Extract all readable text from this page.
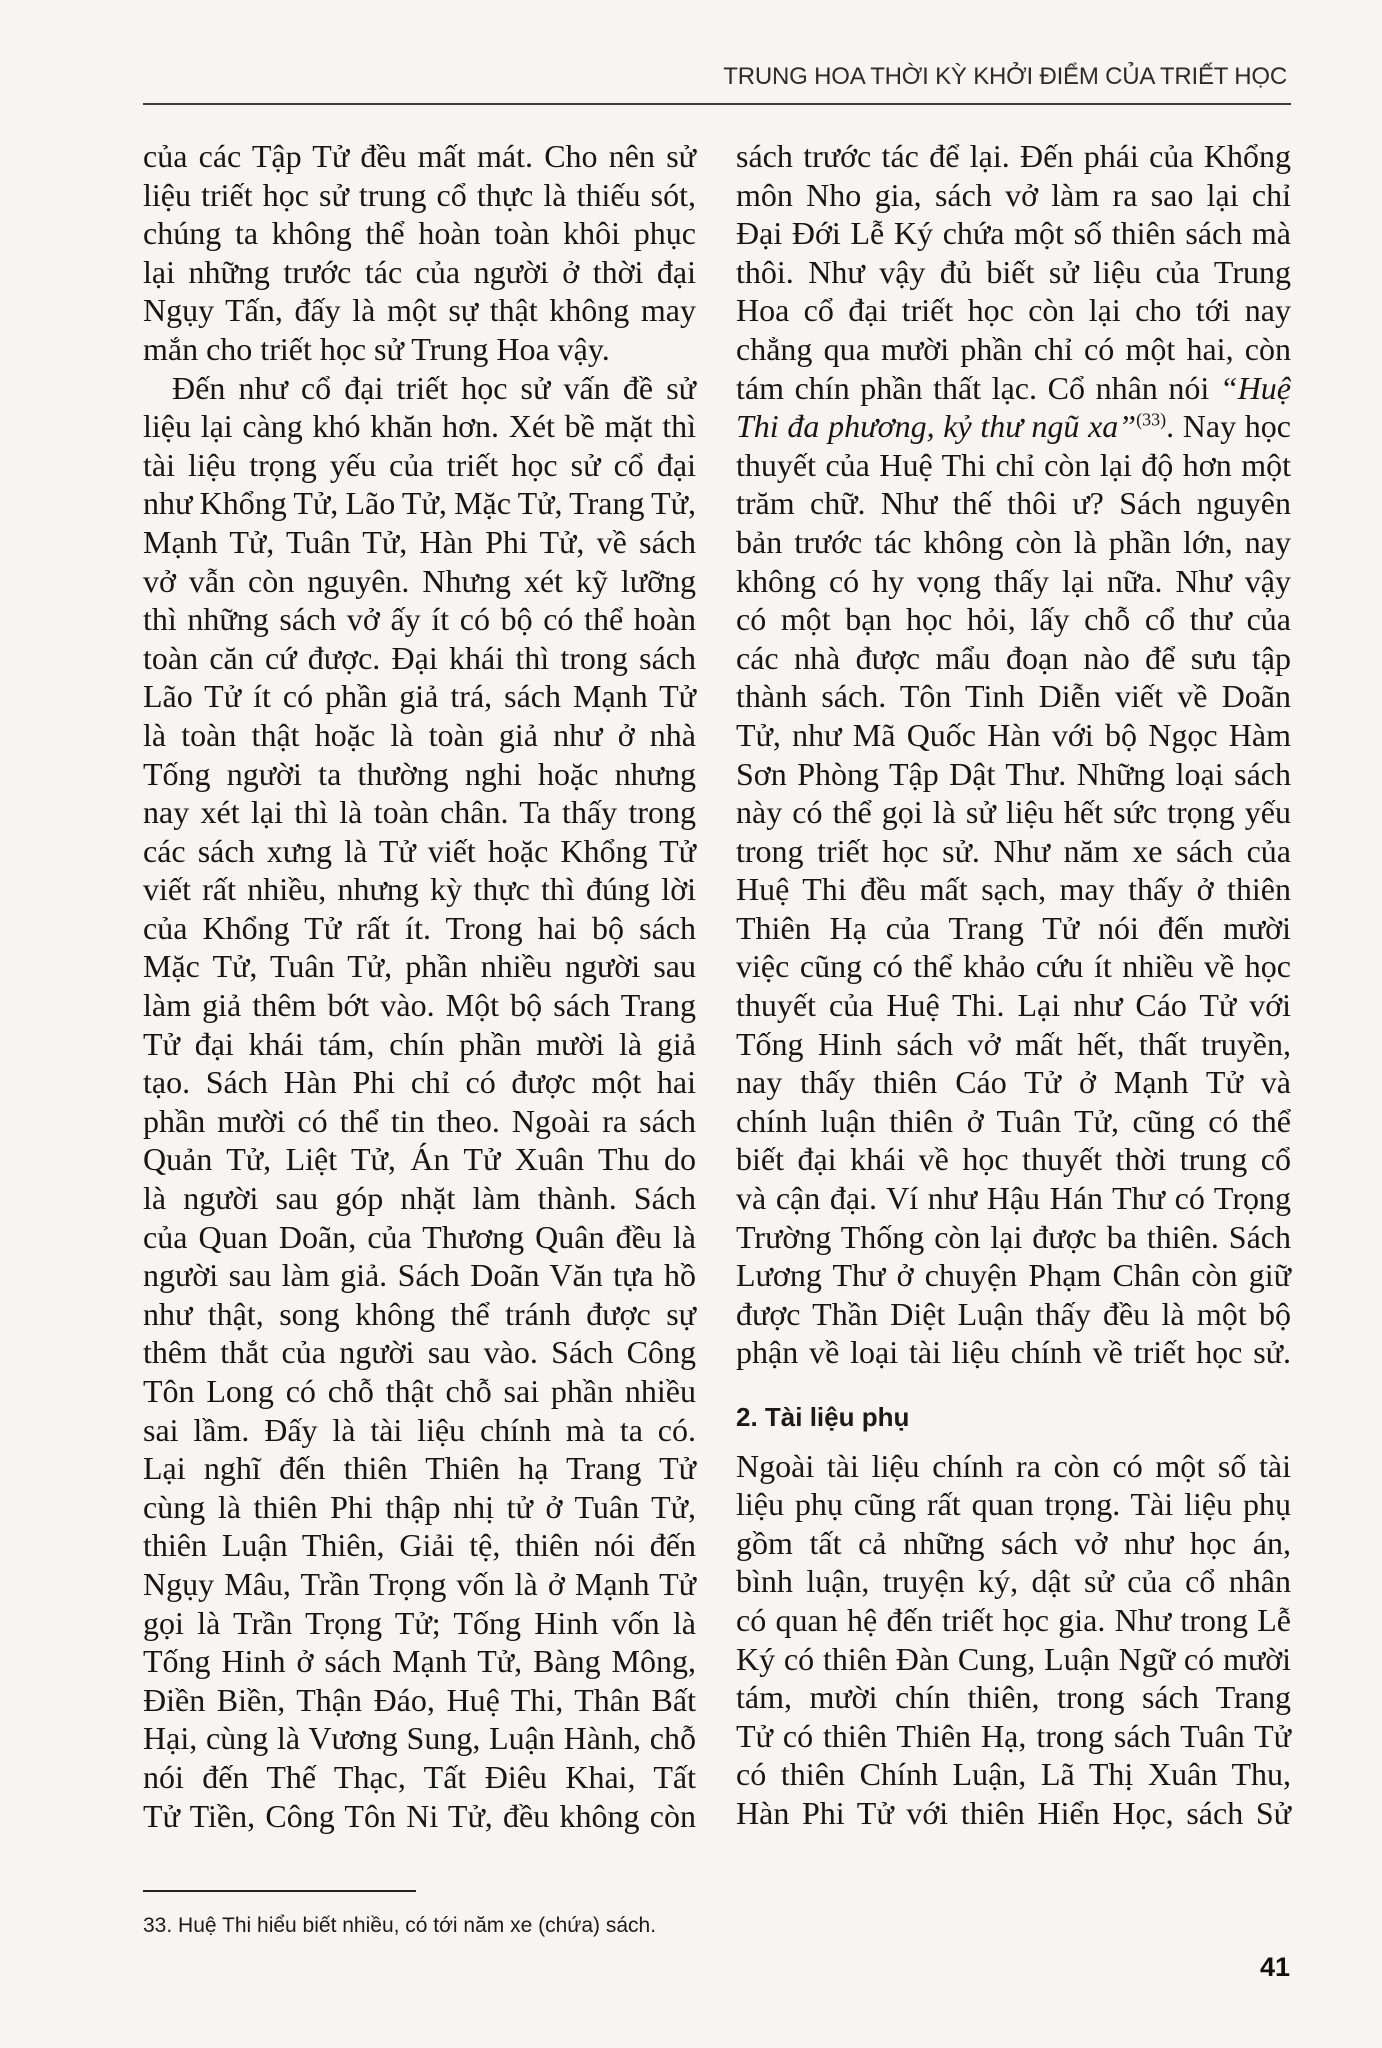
TRUNG HOA THỜI KỲ KHỞI ĐIỂM CỦA TRIẾT HỌC
của các Tập Tử đều mất mát. Cho nên sử
liệu triết học sử trung cổ thực là thiếu sót,
chúng ta không thể hoàn toàn khôi phục
lại những trước tác của người ở thời đại
Ngụy Tấn, đấy là một sự thật không may
mắn cho triết học sử Trung Hoa vậy.
Đến như cổ đại triết học sử vấn đề sử
liệu lại càng khó khăn hơn. Xét bề mặt thì
tài liệu trọng yếu của triết học sử cổ đại
như Khổng Tử, Lão Tử, Mặc Tử, Trang Tử,
Mạnh Tử, Tuân Tử, Hàn Phi Tử, về sách
vở vẫn còn nguyên. Nhưng xét kỹ lưỡng
thì những sách vở ấy ít có bộ có thể hoàn
toàn căn cứ được. Đại khái thì trong sách
Lão Tử ít có phần giả trá, sách Mạnh Tử
là toàn thật hoặc là toàn giả như ở nhà
Tống người ta thường nghi hoặc nhưng
nay xét lại thì là toàn chân. Ta thấy trong
các sách xưng là Tử viết hoặc Khổng Tử
viết rất nhiều, nhưng kỳ thực thì đúng lời
của Khổng Tử rất ít. Trong hai bộ sách
Mặc Tử, Tuân Tử, phần nhiều người sau
làm giả thêm bớt vào. Một bộ sách Trang
Tử đại khái tám, chín phần mười là giả
tạo. Sách Hàn Phi chỉ có được một hai
phần mười có thể tin theo. Ngoài ra sách
Quản Tử, Liệt Tử, Án Tử Xuân Thu do
là người sau góp nhặt làm thành. Sách
của Quan Doãn, của Thương Quân đều là
người sau làm giả. Sách Doãn Văn tựa hồ
như thật, song không thể tránh được sự
thêm thắt của người sau vào. Sách Công
Tôn Long có chỗ thật chỗ sai phần nhiều
sai lầm. Đấy là tài liệu chính mà ta có.
Lại nghĩ đến thiên Thiên hạ Trang Tử
cùng là thiên Phi thập nhị tử ở Tuân Tử,
thiên Luận Thiên, Giải tệ, thiên nói đến
Ngụy Mâu, Trần Trọng vốn là ở Mạnh Tử
gọi là Trần Trọng Tử; Tống Hinh vốn là
Tống Hinh ở sách Mạnh Tử, Bàng Mông,
Điền Biền, Thận Đáo, Huệ Thi, Thân Bất
Hại, cùng là Vương Sung, Luận Hành, chỗ
nói đến Thế Thạc, Tất Điêu Khai, Tất
Tử Tiền, Công Tôn Ni Tử, đều không còn
sách trước tác để lại. Đến phái của Khổng
môn Nho gia, sách vở làm ra sao lại chỉ
Đại Đới Lễ Ký chứa một số thiên sách mà
thôi. Như vậy đủ biết sử liệu của Trung
Hoa cổ đại triết học còn lại cho tới nay
chẳng qua mười phần chỉ có một hai, còn
tám chín phần thất lạc. Cổ nhân nói “Huệ
Thi đa phương, kỷ thư ngũ xa”$^{(33)}$. Nay học
thuyết của Huệ Thi chỉ còn lại độ hơn một
trăm chữ. Như thế thôi ư? Sách nguyên
bản trước tác không còn là phần lớn, nay
không có hy vọng thấy lại nữa. Như vậy
có một bạn học hỏi, lấy chỗ cổ thư của
các nhà được mẩu đoạn nào để sưu tập
thành sách. Tôn Tinh Diễn viết về Doãn
Tử, như Mã Quốc Hàn với bộ Ngọc Hàm
Sơn Phòng Tập Dật Thư. Những loại sách
này có thể gọi là sử liệu hết sức trọng yếu
trong triết học sử. Như năm xe sách của
Huệ Thi đều mất sạch, may thấy ở thiên
Thiên Hạ của Trang Tử nói đến mười
việc cũng có thể khảo cứu ít nhiều về học
thuyết của Huệ Thi. Lại như Cáo Tử với
Tống Hinh sách vở mất hết, thất truyền,
nay thấy thiên Cáo Tử ở Mạnh Tử và
chính luận thiên ở Tuân Tử, cũng có thể
biết đại khái về học thuyết thời trung cổ
và cận đại. Ví như Hậu Hán Thư có Trọng
Trường Thống còn lại được ba thiên. Sách
Lương Thư ở chuyện Phạm Chân còn giữ
được Thần Diệt Luận thấy đều là một bộ
phận về loại tài liệu chính về triết học sử.
2. Tài liệu phụ
Ngoài tài liệu chính ra còn có một số tài
liệu phụ cũng rất quan trọng. Tài liệu phụ
gồm tất cả những sách vở như học án,
bình luận, truyện ký, dật sử của cổ nhân
có quan hệ đến triết học gia. Như trong Lễ
Ký có thiên Đàn Cung, Luận Ngữ có mười
tám, mười chín thiên, trong sách Trang
Tử có thiên Thiên Hạ, trong sách Tuân Tử
có thiên Chính Luận, Lã Thị Xuân Thu,
Hàn Phi Tử với thiên Hiển Học, sách Sử
33. Huệ Thi hiểu biết nhiều, có tới năm xe (chứa) sách.
41
